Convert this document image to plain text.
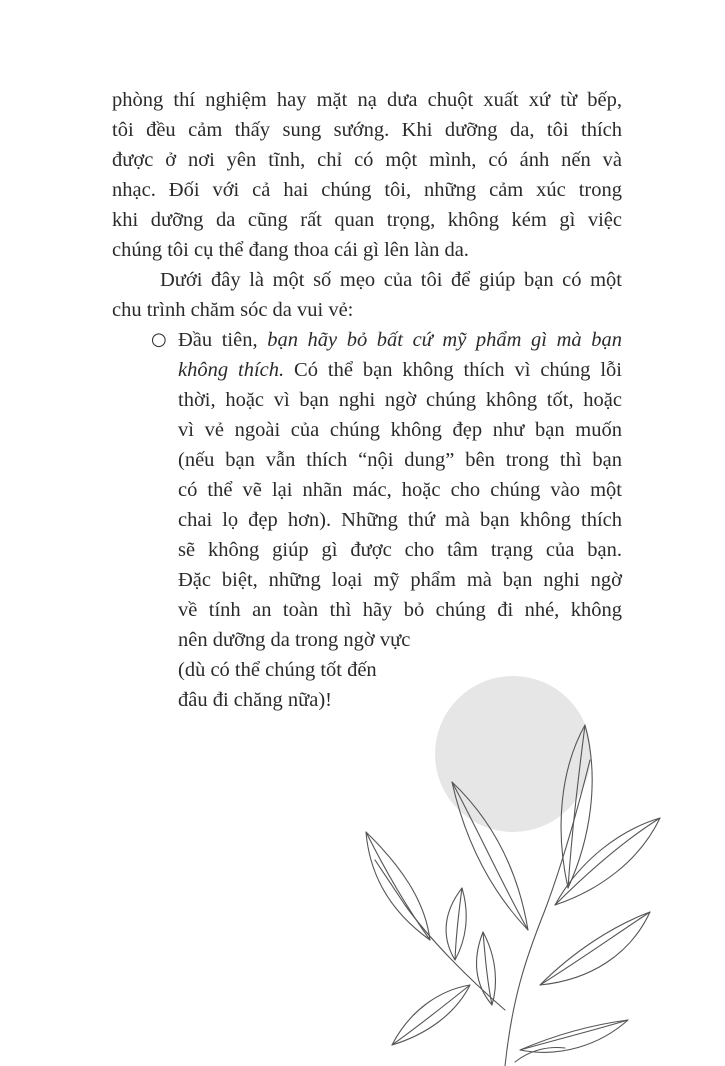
phòng thí nghiệm hay mặt nạ dưa chuột xuất xứ từ bếp,
tôi đều cảm thấy sung sướng. Khi dưỡng da, tôi thích
được ở nơi yên tĩnh, chỉ có một mình, có ánh nến và
nhạc. Đối với cả hai chúng tôi, những cảm xúc trong
khi dưỡng da cũng rất quan trọng, không kém gì việc
chúng tôi cụ thể đang thoa cái gì lên làn da.
Dưới đây là một số mẹo của tôi để giúp bạn có một
chu trình chăm sóc da vui vẻ:
○ Đầu tiên, bạn hãy bỏ bất cứ mỹ phẩm gì mà bạn
không thích. Có thể bạn không thích vì chúng lỗi
thời, hoặc vì bạn nghi ngờ chúng không tốt, hoặc
vì vẻ ngoài của chúng không đẹp như bạn muốn
(nếu bạn vẫn thích “nội dung” bên trong thì bạn
có thể vẽ lại nhãn mác, hoặc cho chúng vào một
chai lọ đẹp hơn). Những thứ mà bạn không thích
sẽ không giúp gì được cho tâm trạng của bạn.
Đặc biệt, những loại mỹ phẩm mà bạn nghi ngờ
về tính an toàn thì hãy bỏ chúng đi nhé, không
nên dưỡng da trong ngờ vực
(dù có thể chúng tốt đến
đâu đi chăng nữa)!
